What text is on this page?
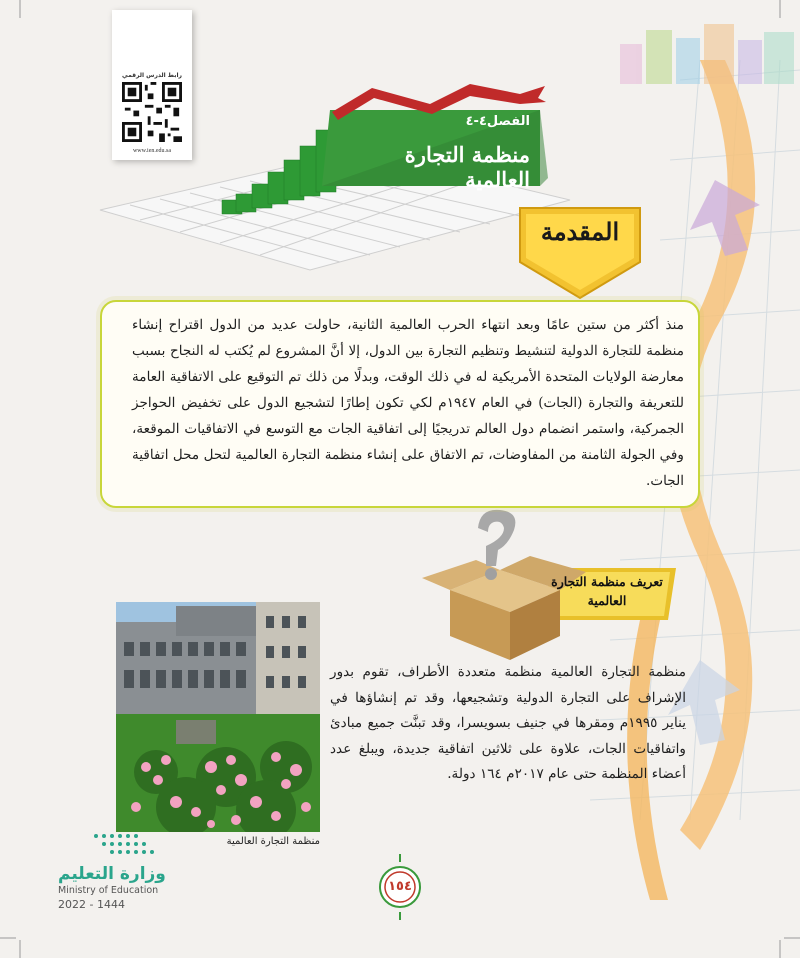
رابط الدرس الرقمي
www.ien.edu.sa
الفصل٤-٤
منظمة التجارة العالمية
المقدمة
منذ أكثر من ستين عامًا وبعد انتهاء الحرب العالمية الثانية، حاولت عديد من الدول اقتراح إنشاء منظمة للتجارة الدولية لتنشيط وتنظيم التجارة بين الدول، إلا أنَّ المشروع لم يُكتب له النجاح بسبب معارضة الولايات المتحدة الأمريكية له في ذلك الوقت، وبدلًا من ذلك تم التوقيع على الاتفاقية العامة للتعريفة والتجارة (الجات) في العام ١٩٤٧م لكي تكون إطارًا لتشجيع الدول على تخفيض الحواجز الجمركية، واستمر انضمام دول العالم تدريجيًا إلى اتفاقية الجات مع التوسع في الاتفاقيات الموقعة، وفي الجولة الثامنة من المفاوضات، تم الاتفاق على إنشاء منظمة التجارة العالمية لتحل محل اتفاقية الجات.
تعريف منظمة التجارة العالمية
منظمة التجارة العالمية منظمة متعددة الأطراف، تقوم بدور الإشراف على التجارة الدولية وتشجيعها، وقد تم إنشاؤها في يناير ١٩٩٥م ومقرها في جنيف بسويسرا، وقد تبنَّت جميع مبادئ واتفاقيات الجات، علاوة على ثلاثين اتفاقية جديدة، ويبلغ عدد أعضاء المنظمة حتى عام ٢٠١٧م ١٦٤ دولة.
منظمة التجارة العالمية
وزارة التعليم
Ministry of Education
2022 - 1444
١٥٤
